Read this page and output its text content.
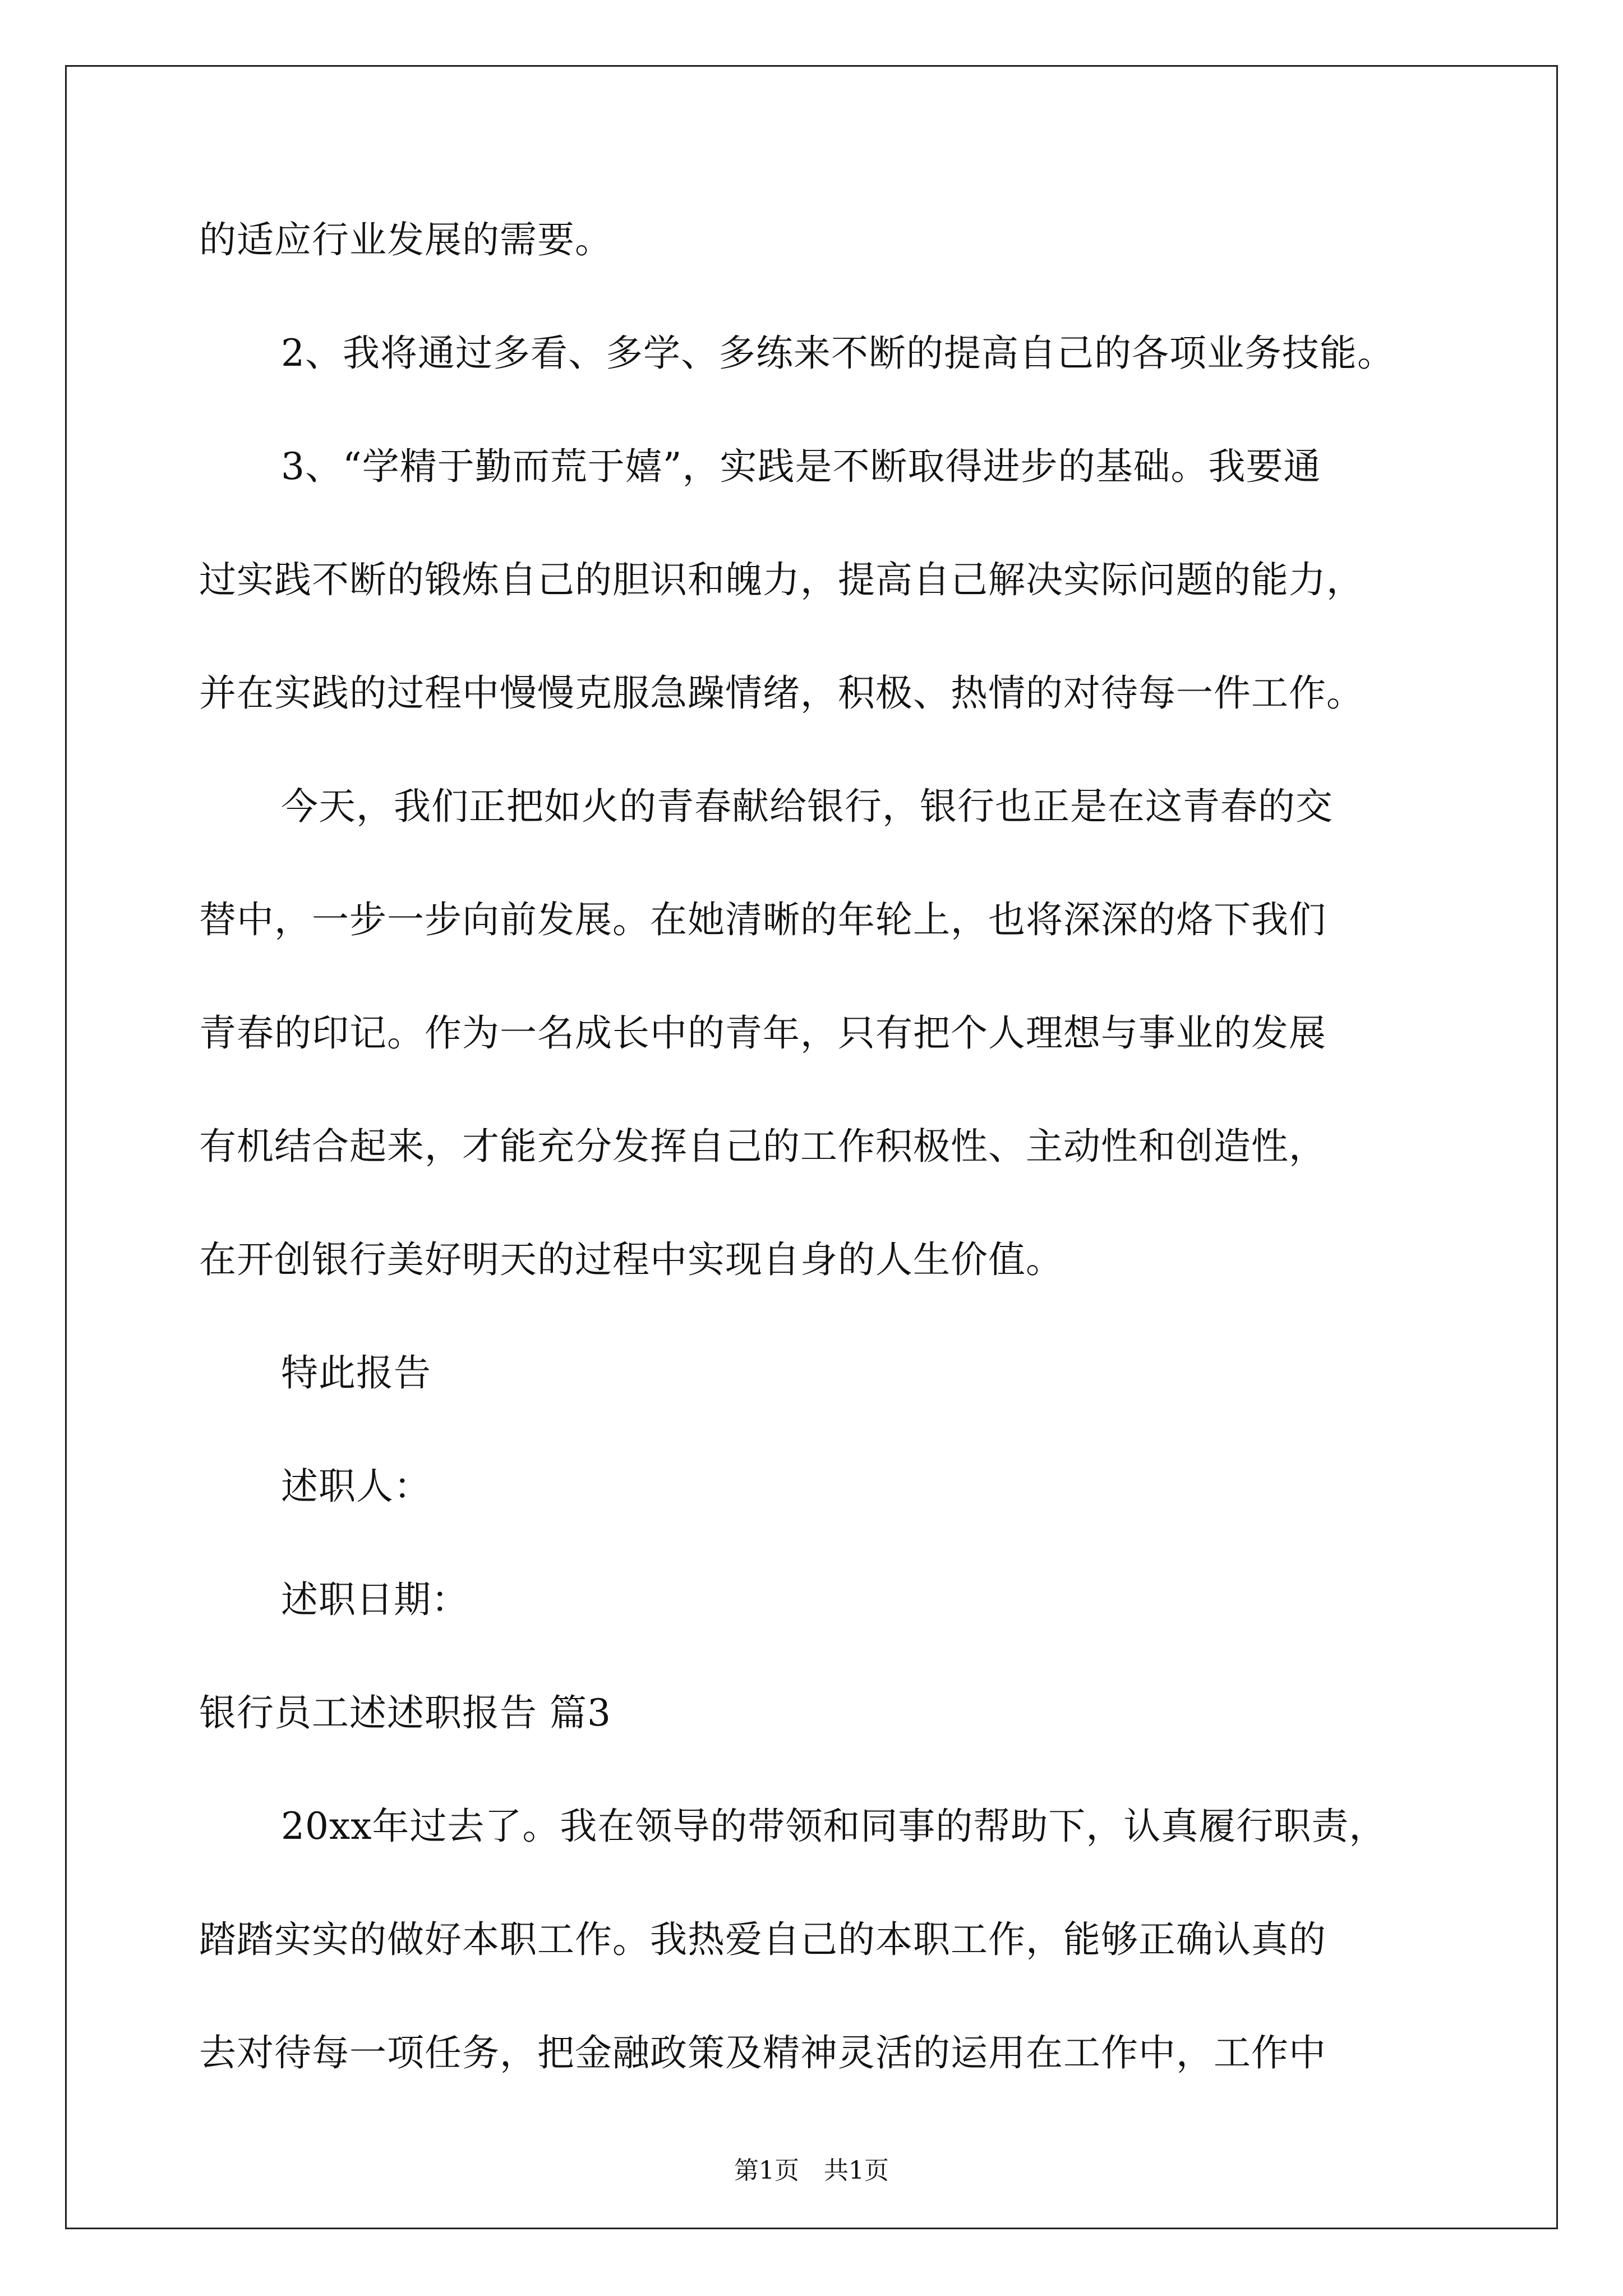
的适应行业发展的需要。
2、我将通过多看、多学、多练来不断的提高自己的各项业务技能。
3、“学精于勤而荒于嬉”，实践是不断取得进步的基础。我要通
过实践不断的锻炼自己的胆识和魄力，提高自己解决实际问题的能力，
并在实践的过程中慢慢克服急躁情绪，积极、热情的对待每一件工作。
今天，我们正把如火的青春献给银行，银行也正是在这青春的交
替中，一步一步向前发展。在她清晰的年轮上，也将深深的烙下我们
青春的印记。作为一名成长中的青年，只有把个人理想与事业的发展
有机结合起来，才能充分发挥自己的工作积极性、主动性和创造性，
在开创银行美好明天的过程中实现自身的人生价值。
特此报告
述职人：
述职日期：
银行员工述述职报告 篇3
20xx年过去了。我在领导的带领和同事的帮助下，认真履行职责，
踏踏实实的做好本职工作。我热爱自己的本职工作，能够正确认真的
去对待每一项任务，把金融政策及精神灵活的运用在工作中，工作中
第1页　共1页
